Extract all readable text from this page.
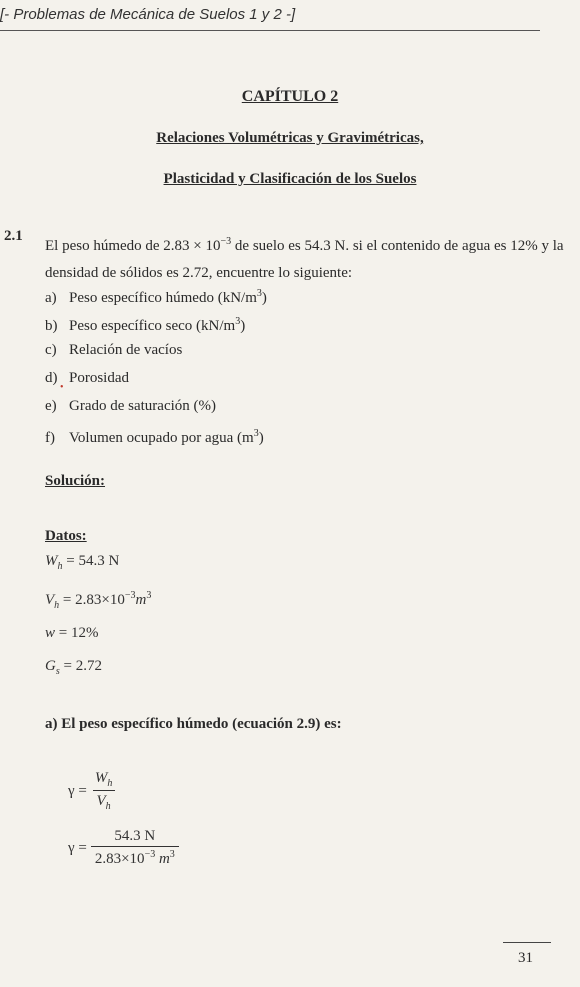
[- Problemas de Mecánica de Suelos 1 y 2 -]
CAPÍTULO 2
Relaciones Volumétricas y Gravimétricas,
Plasticidad y Clasificación de los Suelos
2.1
El peso húmedo de $2.83 \times 10^{-3}$ de suelo es 54.3 N. si el contenido de agua es 12% y la densidad de sólidos es 2.72, encuentre lo siguiente:
a) Peso específico húmedo $(kN/m^3)$
b) Peso específico seco $(kN/m^3)$
c) Relación de vacíos
d) Porosidad
e) Grado de saturación (%)
f) Volumen ocupado por agua $(m^3)$
•
Solución:
Datos:
$W_h = 54.3$ N
$V_h = 2.83\times 10^{-3}m^3$
w = 12%
$G_s = 2.72$
a) El peso específico húmedo (ecuación 2.9) es:
$\gamma = \frac{W_h}{V_h}$
$\gamma = \frac{54.3 N}{2.83\times 10^{-3} m^3}$
31
